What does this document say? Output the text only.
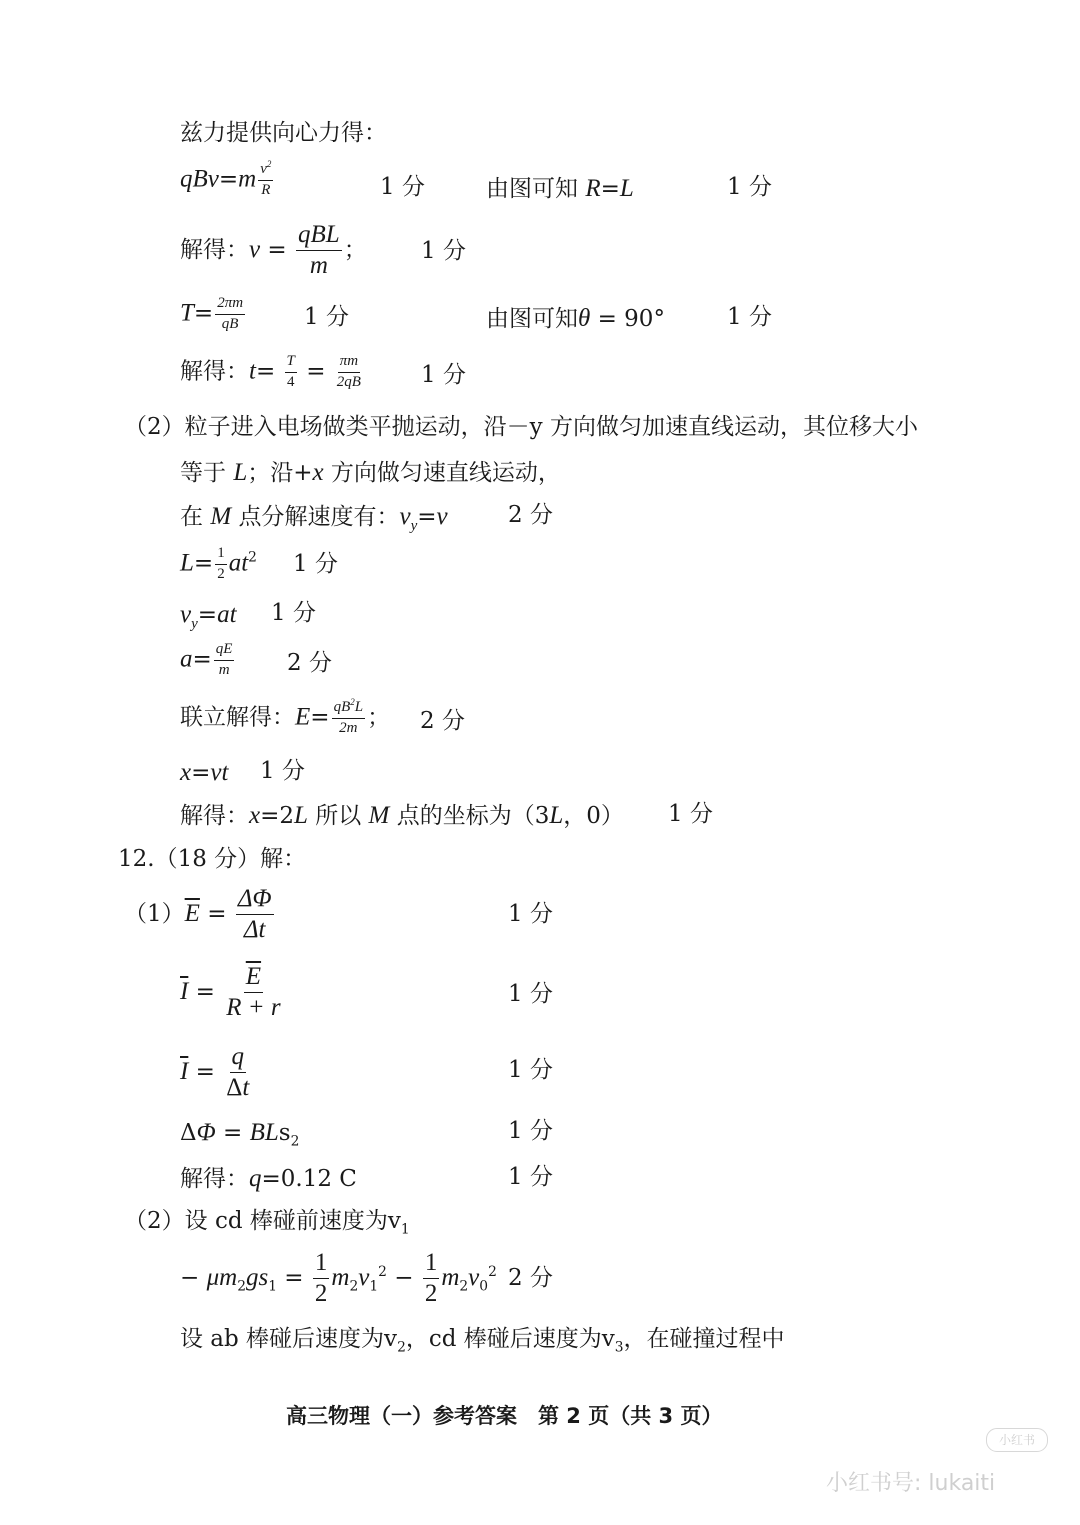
兹力提供向心力得：
$qBv=m \frac{v^2}{R}$	1 分	由图可知 R=L	1 分
解得：$v = \frac{\text{qBL}}{m}$ ； 1 分
$T= \frac{2\pi m}{qB}$	1 分	由图可知θ = 90°	1 分
解得：$t= \frac{T}{4} = \frac{\pi m}{2qB}$	1 分
（2）粒子进入电场做类平抛运动，沿－y 方向做匀加速直线运动，其位移大小
等于 L；沿+x 方向做匀速直线运动，
在 M 点分解速度有：$v_y=v$	2 分
$L= \frac{1}{2} at^2$ 1 分
$v_y=at$ 1 分
$a= \frac{qE}{m} 2$ 分
联立解得：$E= \frac{qB^2L}{2m}$ ； 2 分
x=vt 1 分
解得：x=2L 所以 M 点的坐标为（3L，0） 1 分
12.（18 分）解：
$(1)\overline{E} = \frac{\Delta\Phi}{\Delta t}$	1 分
$\overline{I} = \frac{\overline{E}}{R + r}$	1 分
$\overline{I} = \frac{q}{\Delta t}$	1 分
ΔΦ = BLs$_2$	1 分
解得：q=0.12 C	1 分
（2）设 cd 棒碰前速度为$v_1$
− $\mu m_2gs_1 = \frac{1}{2} m_2v_1^2 - \frac{1}{2} m_2v_0^2$ 2 分
设 ab 棒碰后速度为$v_2$，cd 棒碰后速度为$v_3$，在碰撞过程中
高三物理（一）参考答案　第 2 页（共 3 页）
小红书
小红书号: lukaiti
